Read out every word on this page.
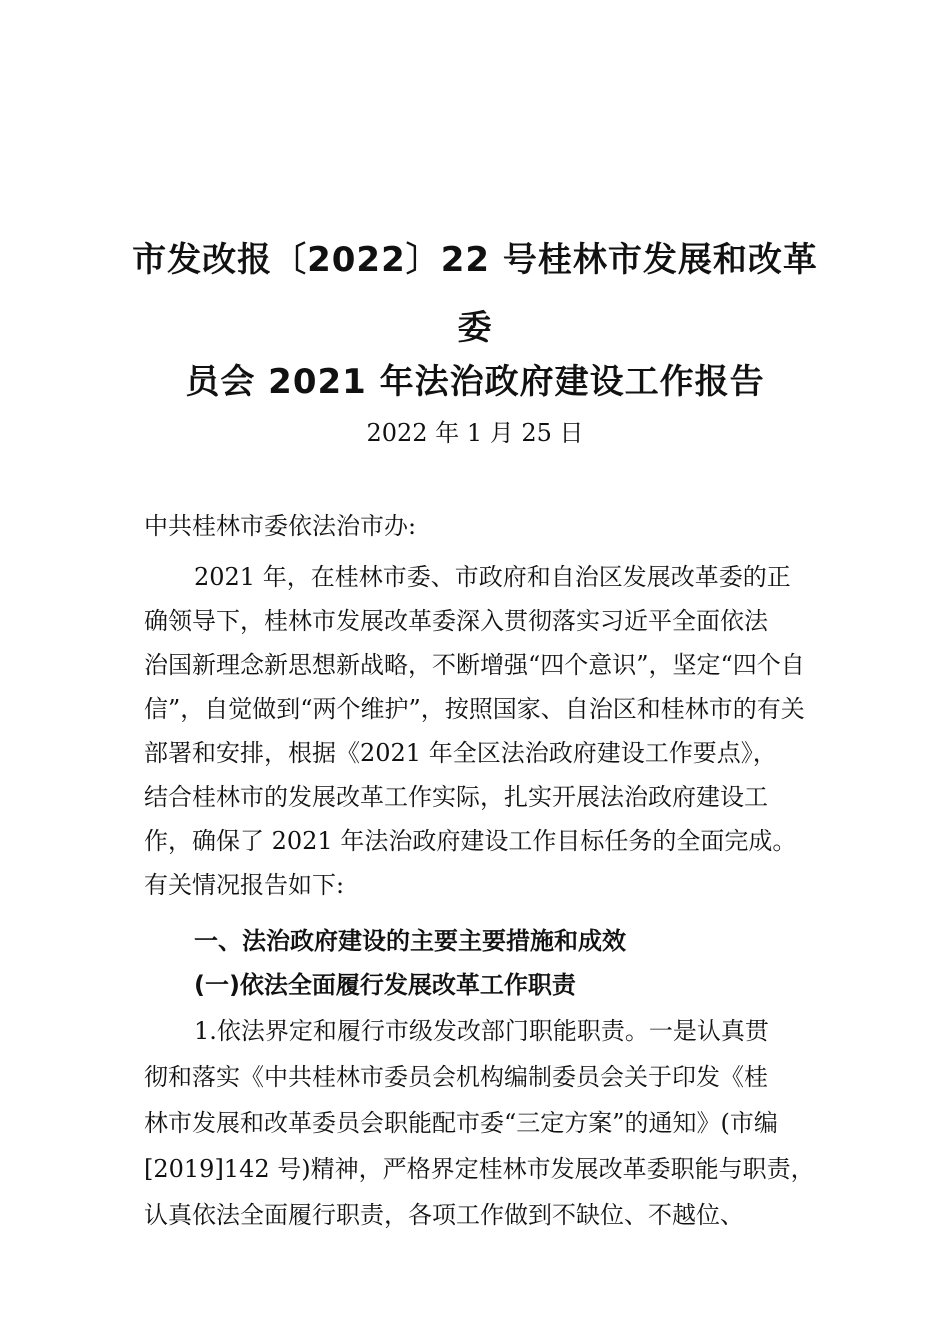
市发改报〔2022〕22 号桂林市发展和改革
委
员会 2021 年法治政府建设工作报告
2022 年 1 月 25 日
中共桂林市委依法治市办:
2021 年，在桂林市委、市政府和自治区发展改革委的正
确领导下，桂林市发展改革委深入贯彻落实习近平全面依法
治国新理念新思想新战略，不断增强“四个意识”，坚定“四个自
信”，自觉做到“两个维护”，按照国家、自治区和桂林市的有关
部署和安排，根据《2021 年全区法治政府建设工作要点》，
结合桂林市的发展改革工作实际，扎实开展法治政府建设工
作，确保了 2021 年法治政府建设工作目标任务的全面完成。
有关情况报告如下:
一、法治政府建设的主要主要措施和成效
(一)依法全面履行发展改革工作职责
1.依法界定和履行市级发改部门职能职责。一是认真贯
彻和落实《中共桂林市委员会机构编制委员会关于印发《桂
林市发展和改革委员会职能配市委“三定方案”的通知》(市编
[2019]142 号)精神，严格界定桂林市发展改革委职能与职责，
认真依法全面履行职责，各项工作做到不缺位、不越位、
